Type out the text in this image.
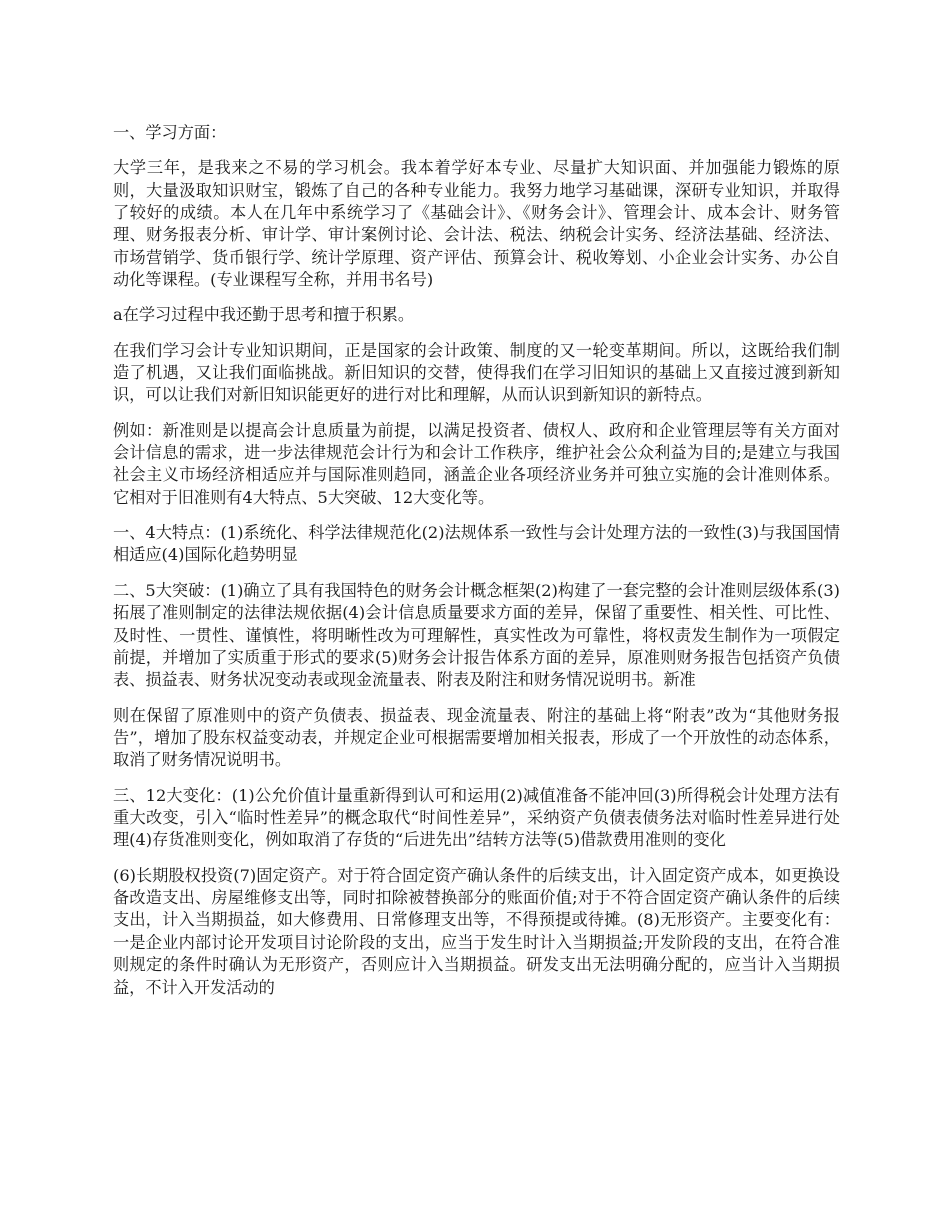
一、学习方面：

大学三年，是我来之不易的学习机会。我本着学好本专业、尽量扩大知识面、并加强能力锻炼的原则，大量汲取知识财宝，锻炼了自己的各种专业能力。我努力地学习基础课，深研专业知识，并取得了较好的成绩。本人在几年中系统学习了《基础会计》、《财务会计》、管理会计、成本会计、财务管理、财务报表分析、审计学、审计案例讨论、会计法、税法、纳税会计实务、经济法基础、经济法、市场营销学、货币银行学、统计学原理、资产评估、预算会计、税收筹划、小企业会计实务、办公自动化等课程。(专业课程写全称，并用书名号)

a在学习过程中我还勤于思考和擅于积累。

在我们学习会计专业知识期间，正是国家的会计政策、制度的又一轮变革期间。所以，这既给我们制造了机遇，又让我们面临挑战。新旧知识的交替，使得我们在学习旧知识的基础上又直接过渡到新知识，可以让我们对新旧知识能更好的进行对比和理解，从而认识到新知识的新特点。

例如：新准则是以提高会计息质量为前提，以满足投资者、债权人、政府和企业管理层等有关方面对会计信息的需求，进一步法律规范会计行为和会计工作秩序，维护社会公众利益为目的;是建立与我国社会主义市场经济相适应并与国际准则趋同，涵盖企业各项经济业务并可独立实施的会计准则体系。它相对于旧准则有4大特点、5大突破、12大变化等。

一、4大特点：(1)系统化、科学法律规范化(2)法规体系一致性与会计处理方法的一致性(3)与我国国情相适应(4)国际化趋势明显

二、5大突破：(1)确立了具有我国特色的财务会计概念框架(2)构建了一套完整的会计准则层级体系(3)拓展了准则制定的法律法规依据(4)会计信息质量要求方面的差异，保留了重要性、相关性、可比性、及时性、一贯性、谨慎性，将明晰性改为可理解性，真实性改为可靠性，将权责发生制作为一项假定前提，并增加了实质重于形式的要求(5)财务会计报告体系方面的差异，原准则财务报告包括资产负债表、损益表、财务状况变动表或现金流量表、附表及附注和财务情况说明书。新准

则在保留了原准则中的资产负债表、损益表、现金流量表、附注的基础上将“附表”改为“其他财务报告”，增加了股东权益变动表，并规定企业可根据需要增加相关报表，形成了一个开放性的动态体系，取消了财务情况说明书。

三、12大变化：(1)公允价值计量重新得到认可和运用(2)减值准备不能冲回(3)所得税会计处理方法有重大改变，引入“临时性差异”的概念取代“时间性差异”，采纳资产负债表债务法对临时性差异进行处理(4)存货准则变化，例如取消了存货的“后进先出”结转方法等(5)借款费用准则的变化

(6)长期股权投资(7)固定资产。对于符合固定资产确认条件的后续支出，计入固定资产成本，如更换设备改造支出、房屋维修支出等，同时扣除被替换部分的账面价值;对于不符合固定资产确认条件的后续支出，计入当期损益，如大修费用、日常修理支出等，不得预提或待摊。(8)无形资产。主要变化有：一是企业内部讨论开发项目讨论阶段的支出，应当于发生时计入当期损益;开发阶段的支出，在符合准则规定的条件时确认为无形资产，否则应计入当期损益。研发支出无法明确分配的，应当计入当期损益，不计入开发活动的
